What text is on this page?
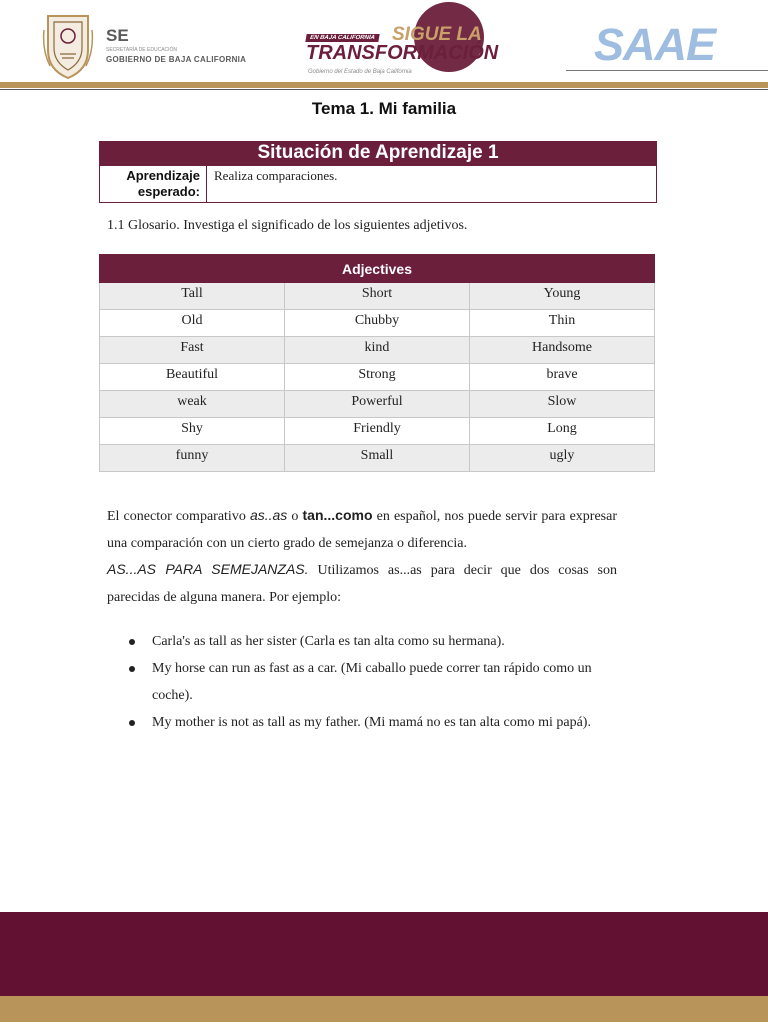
SE
SECRETARÍA DE EDUCACIÓN
GOBIERNO DE BAJA CALIFORNIA
EN BAJA CALIFORNIA SIGUE LA
TRANSFORMACIÓN
Gobierno del Estado de Baja California
SAAE
Tema 1. Mi familia
Situación de Aprendizaje 1
Aprendizaje esperado:
Realiza comparaciones.
1.1 Glosario. Investiga el significado de los siguientes adjetivos.
Adjectives		
Tall	Short	Young
Old	Chubby	Thin
Fast	kind	Handsome
Beautiful	Strong	brave
weak	Powerful	Slow
Shy	Friendly	Long
funny	Small	ugly
El conector comparativo as..as o tan...como en español, nos puede servir para expresar una comparación con un cierto grado de semejanza o diferencia.
AS...AS PARA SEMEJANZAS. Utilizamos as...as para decir que dos cosas son parecidas de alguna manera. Por ejemplo:
Carla's as tall as her sister (Carla es tan alta como su hermana).
My horse can run as fast as a car. (Mi caballo puede correr tan rápido como un coche).
My mother is not as tall as my father. (Mi mamá no es tan alta como mi papá).
